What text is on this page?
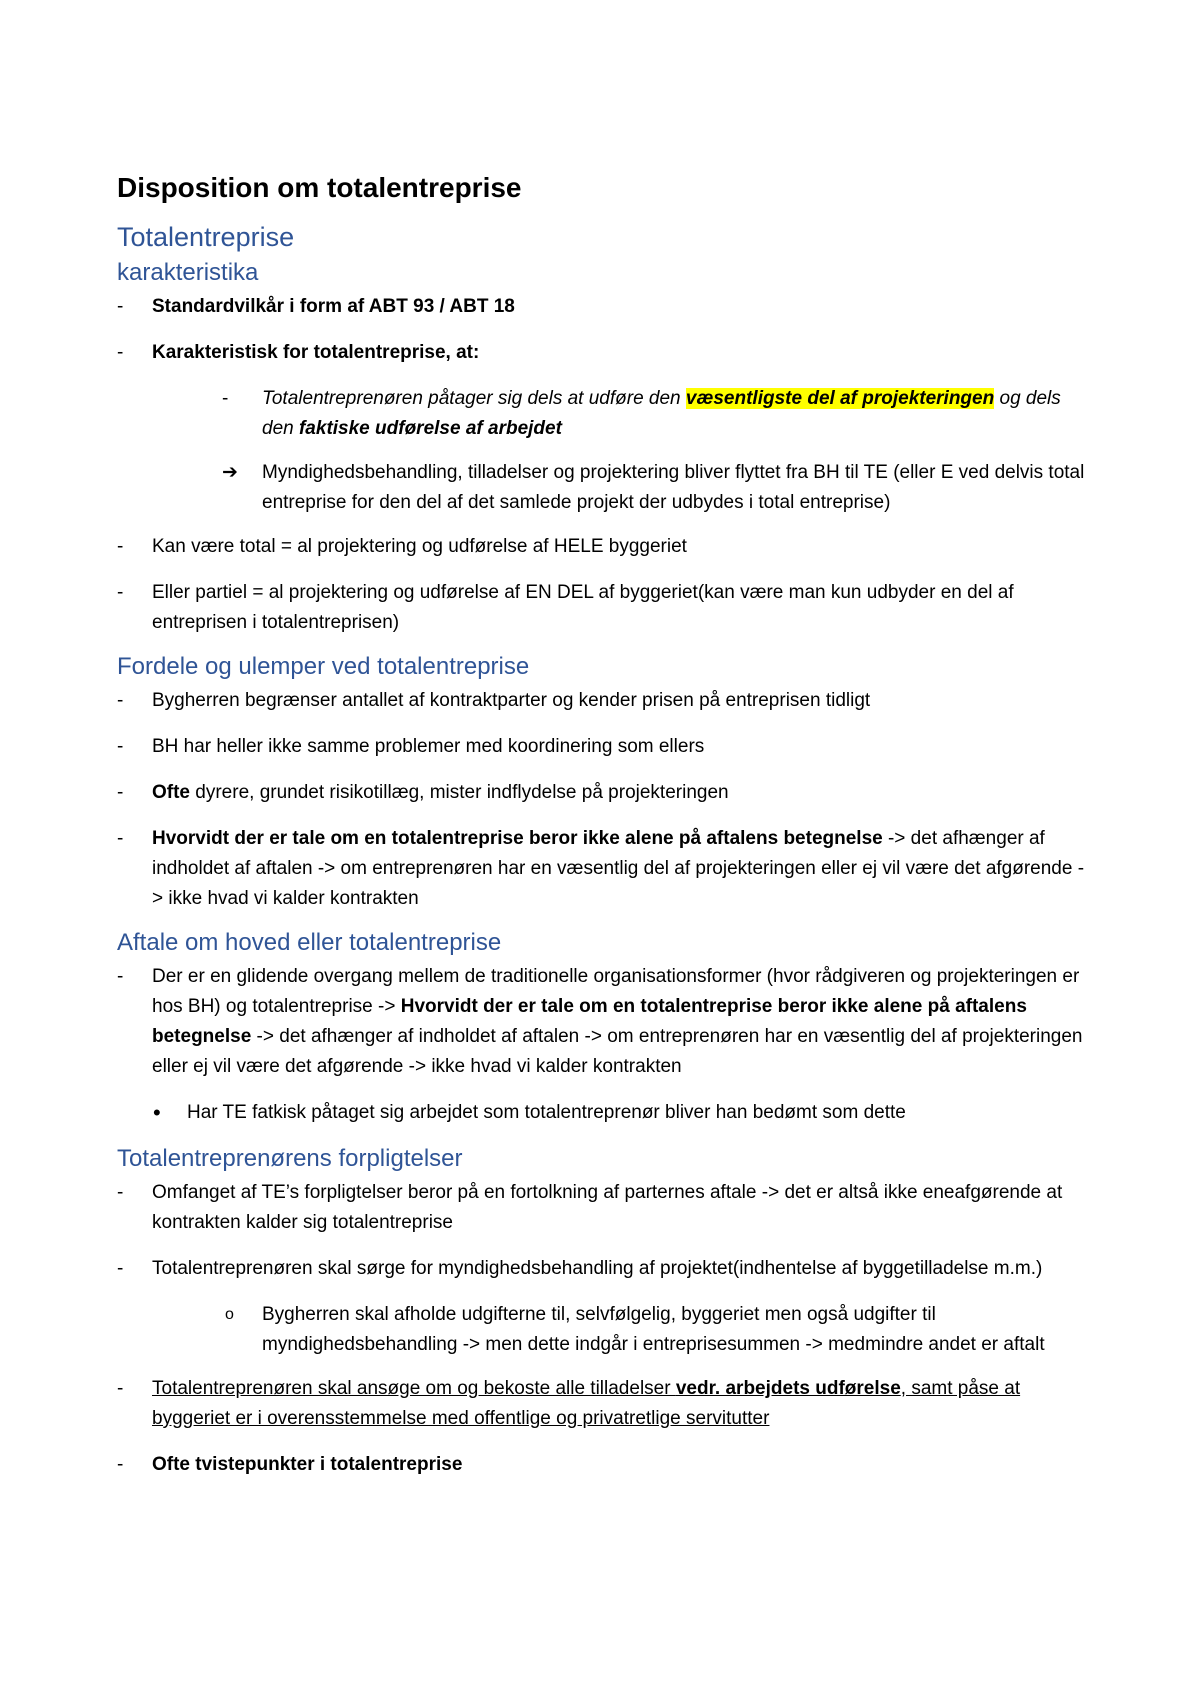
Disposition om totalentreprise
Totalentreprise
karakteristika
- Standardvilkår i form af ABT 93 / ABT 18
- Karakteristisk for totalentreprise, at:
- Totalentreprenøren påtager sig dels at udføre den væsentligste del af projekteringen og dels den faktiske udførelse af arbejdet
➔ Myndighedsbehandling, tilladelser og projektering bliver flyttet fra BH til TE (eller E ved delvis total entreprise for den del af det samlede projekt der udbydes i total entreprise)
- Kan være total = al projektering og udførelse af HELE byggeriet
- Eller partiel = al projektering og udførelse af EN DEL af byggeriet(kan være man kun udbyder en del af entreprisen i totalentreprisen)
Fordele og ulemper ved totalentreprise
- Bygherren begrænser antallet af kontraktparter og kender prisen på entreprisen tidligt
- BH har heller ikke samme problemer med koordinering som ellers
- Ofte dyrere, grundet risikotillæg, mister indflydelse på projekteringen
- Hvorvidt der er tale om en totalentreprise beror ikke alene på aftalens betegnelse -> det afhænger af indholdet af aftalen -> om entreprenøren har en væsentlig del af projekteringen eller ej vil være det afgørende -> ikke hvad vi kalder kontrakten
Aftale om hoved eller totalentreprise
- Der er en glidende overgang mellem de traditionelle organisationsformer (hvor rådgiveren og projekteringen er hos BH) og totalentreprise -> Hvorvidt der er tale om en totalentreprise beror ikke alene på aftalens betegnelse -> det afhænger af indholdet af aftalen -> om entreprenøren har en væsentlig del af projekteringen eller ej vil være det afgørende -> ikke hvad vi kalder kontrakten
• Har TE fatkisk påtaget sig arbejdet som totalentreprenør bliver han bedømt som dette
Totalentreprenørens forpligtelser
- Omfanget af TE’s forpligtelser beror på en fortolkning af parternes aftale -> det er altså ikke eneafgørende at kontrakten kalder sig totalentreprise
- Totalentreprenøren skal sørge for myndighedsbehandling af projektet(indhentelse af byggetilladelse m.m.)
o Bygherren skal afholde udgifterne til, selvfølgelig, byggeriet men også udgifter til myndighedsbehandling -> men dette indgår i entreprisesummen -> medmindre andet er aftalt
- Totalentreprenøren skal ansøge om og bekoste alle tilladelser vedr. arbejdets udførelse, samt påse at byggeriet er i overensstemmelse med offentlige og privatretlige servitutter
- Ofte tvistepunkter i totalentreprise
